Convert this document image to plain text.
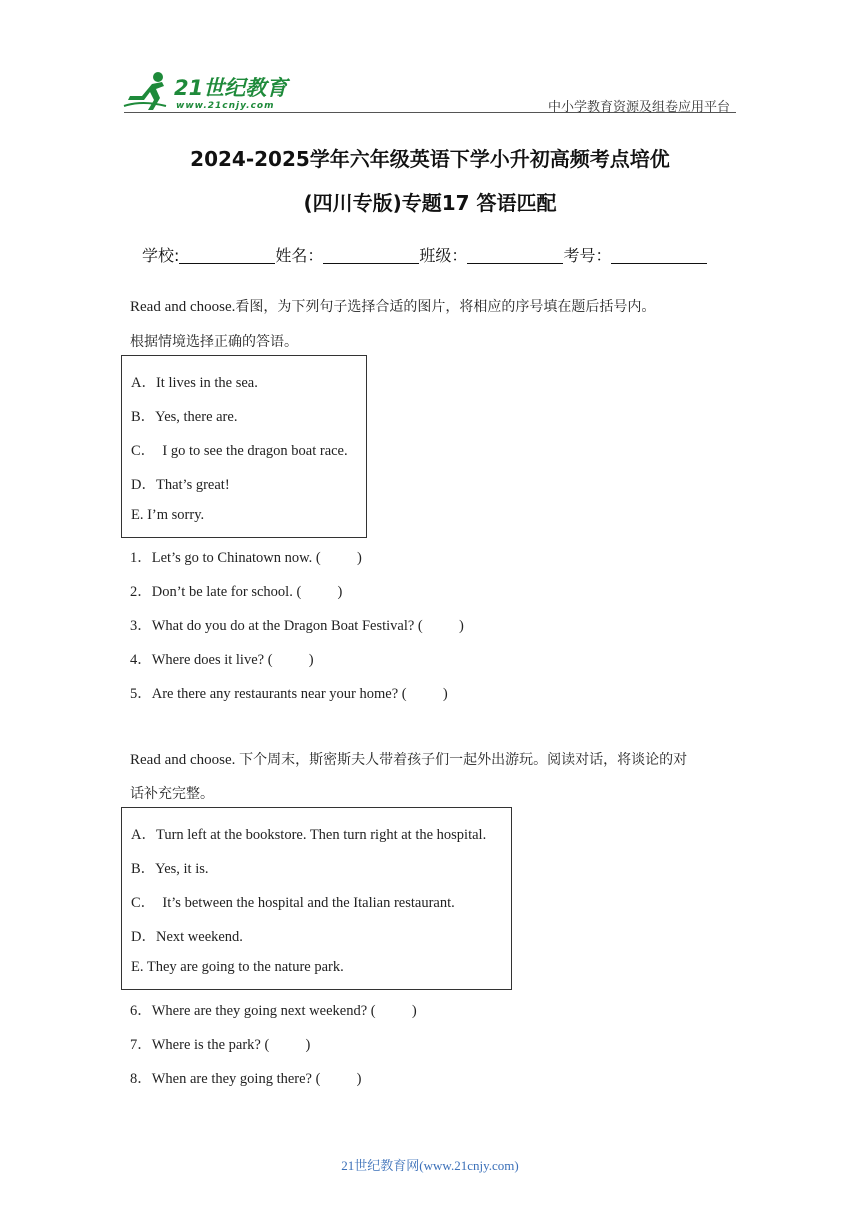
21世纪教育
www.21cnjy.com	中小学教育资源及组卷应用平台
2024-2025学年六年级英语下学小升初高频考点培优
(四川专版)专题17 答语匹配
学校:	姓名：	班级：	考号：
Read and choose.看图，为下列句子选择合适的图片，将相应的序号填在题后括号内。
根据情境选择正确的答语。
A．It lives in the sea.
B．Yes, there are.
C．  I go to see the dragon boat race.
D．That’s great!
E. I’m sorry.
1．Let’s go to Chinatown now. (          )
2．Don’t be late for school. (          )
3．What do you do at the Dragon Boat Festival? (          )
4．Where does it live? (          )
5．Are there any restaurants near your home? (          )
Read and choose. 下个周末，斯密斯夫人带着孩子们一起外出游玩。阅读对话，将谈论的对
话补充完整。
A．Turn left at the bookstore. Then turn right at the hospital.
B．Yes, it is.
C．  It’s between the hospital and the Italian restaurant.
D．Next weekend.
E. They are going to the nature park.
6．Where are they going next weekend? (          )
7．Where is the park? (          )
8．When are they going there? (          )
21世纪教育网(www.21cnjy.com)
